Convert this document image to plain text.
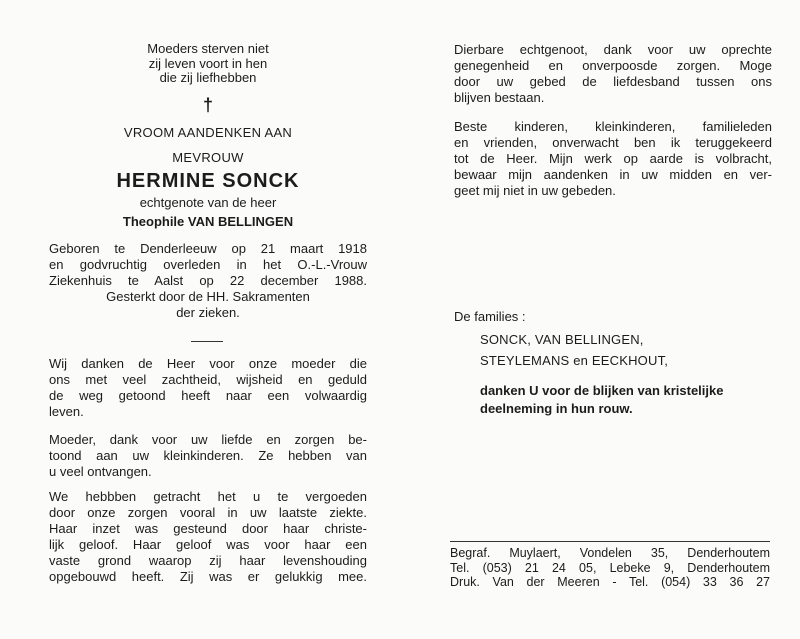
Moeders sterven niet
zij leven voort in hen
die zij liefhebben
†
VROOM AANDENKEN AAN
MEVROUW
HERMINE SONCK
echtgenote van de heer
Theophile VAN BELLINGEN
Geboren te Denderleeuw op 21 maart 1918
en godvruchtig overleden in het O.-L.-Vrouw
Ziekenhuis te Aalst op 22 december 1988.
Gesterkt door de HH. Sakramenten
der zieken.
Wij danken de Heer voor onze moeder die
ons met veel zachtheid, wijsheid en geduld
de weg getoond heeft naar een volwaardig
leven.
Moeder, dank voor uw liefde en zorgen be-
toond aan uw kleinkinderen. Ze hebben van
u veel ontvangen.
We hebbben getracht het u te vergoeden
door onze zorgen vooral in uw laatste ziekte.
Haar inzet was gesteund door haar christe-
lijk geloof. Haar geloof was voor haar een
vaste grond waarop zij haar levenshouding
opgebouwd heeft. Zij was er gelukkig mee.
Dierbare echtgenoot, dank voor uw oprechte
genegenheid en onverpoosde zorgen. Moge
door uw gebed de liefdesband tussen ons
blijven bestaan.
Beste kinderen, kleinkinderen, familieleden
en vrienden, onverwacht ben ik teruggekeerd
tot de Heer. Mijn werk op aarde is volbracht,
bewaar mijn aandenken in uw midden en ver-
geet mij niet in uw gebeden.
De families :
SONCK, VAN BELLINGEN,
STEYLEMANS en EECKHOUT,
danken U voor de blijken van kristelijke
deelneming in hun rouw.
Begraf. Muylaert, Vondelen 35, Denderhoutem
Tel. (053) 21 24 05, Lebeke 9, Denderhoutem
Druk. Van der Meeren - Tel. (054) 33 36 27
